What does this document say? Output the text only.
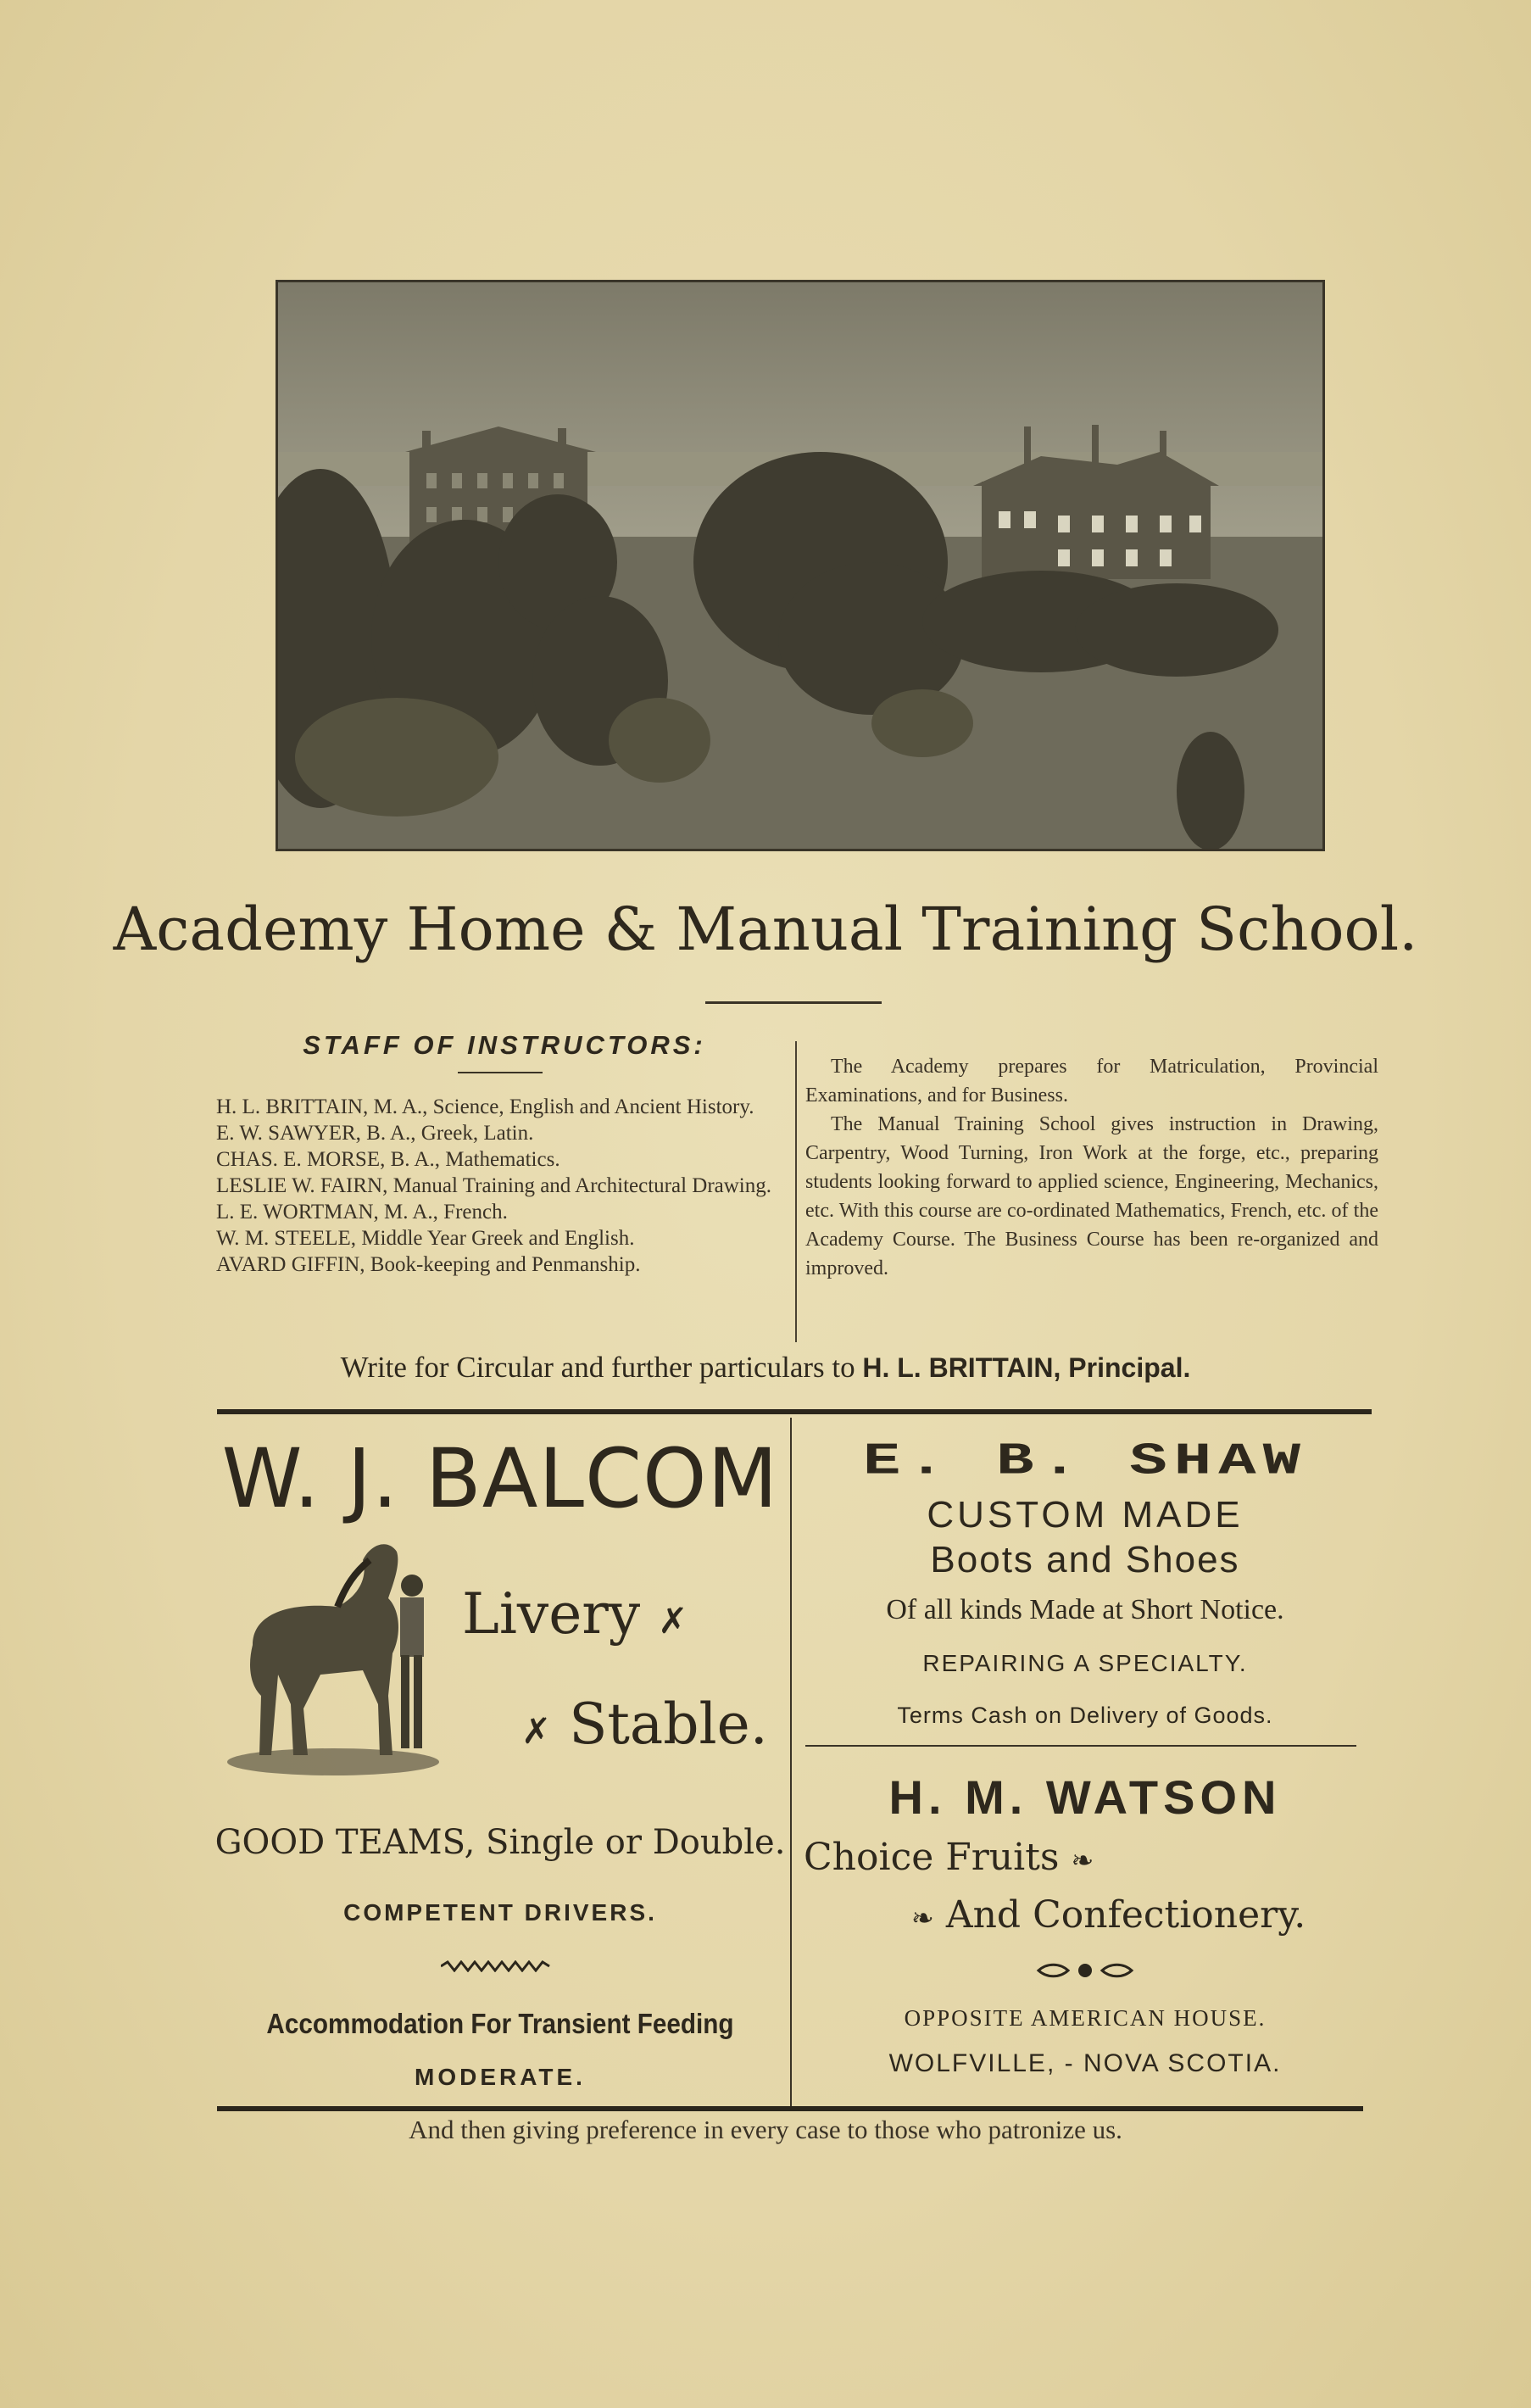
Academy Home & Manual Training School.
STAFF OF INSTRUCTORS:
H. L. BRITTAIN, M. A., Science, English and Ancient History.
E. W. SAWYER, B. A., Greek, Latin.
CHAS. E. MORSE, B. A., Mathematics.
LESLIE W. FAIRN, Manual Training and Architectural Drawing.
L. E. WORTMAN, M. A., French.
W. M. STEELE, Middle Year Greek and English.
AVARD GIFFIN, Book-keeping and Penmanship.

The Academy prepares for Matriculation, Provincial Examinations, and for Business.

The Manual Training School gives instruction in Drawing, Carpentry, Wood Turning, Iron Work at the forge, etc., preparing students looking forward to applied science, Engineering, Mechanics, etc. With this course are co-ordinated Mathematics, French, etc. of the Academy Course. The Business Course has been re-organized and improved.

Write for Circular and further particulars to H. L. BRITTAIN, Principal.
W. J. BALCOM
Livery ✗
✗ Stable.
GOOD TEAMS, Single or Double.
COMPETENT DRIVERS.
Accommodation For Transient Feeding
MODERATE.
E. B. SHAW
CUSTOM MADE
Boots and Shoes
Of all kinds Made at Short Notice.
REPAIRING A SPECIALTY.
Terms Cash on Delivery of Goods.
H. M. WATSON
Choice Fruits ❧
❧ And Confectionery.
OPPOSITE AMERICAN HOUSE.
WOLFVILLE, - NOVA SCOTIA.
And then giving preference in every case to those who patronize us.
